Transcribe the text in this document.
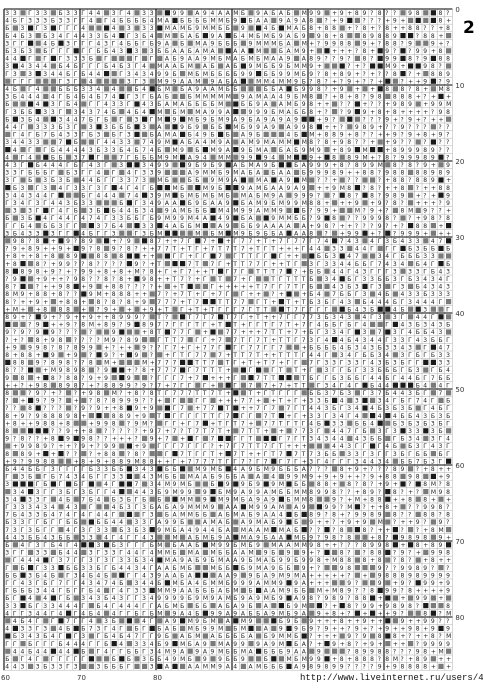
3 3 Г 3 3 Б 3 3 Г 4 4 3 Г 4 3 3	9 9 А 9 4 А А М Б 9 А Б А Б М 9 9 + 9 + 8 9 ? 8 ? ? 9 8	8 ?
4 Б Г 3 3 3 Б 3 3 Г Г 4 Г 4 Б Б Б Б 4 М А Б Б Б Б М М Б 9 Б А А 9 А 9 А 8 ? + 9	? ? ? + 9 +	8 +
Б 3 Г 3 Г Г Г 4	4 3 3 3 М А М Б 9 М М Б Б 9	4 Б М А Б 8 + 8 8 + ? 8 + ? 8 + + 8 8 ? ? + 8
Б 4 Б 3 Б 3 4 Г 4 4 3 3 Б 4 Г 3 Б 4 М Б А Б 9 А Б 4 М Б М Б 9 А Б 9 9 8 + 8	8 9 8 8 9	? 8 8 +
3 Г Г	4 Б 3 Г Г Г 4 3 Г 4 Б Б Г Б 9 А Б М А 9 Б Б Б 9 М М М Б А М + ? 9 9 8 8 9 + ? 8 8 ? 9	9 + ?
Б 3 Б 3 Б Г Г Г Г Г Б Б 4 3 3 3 Б Б А А Б А М А	А А М	Б А М 9 +	+ + + ? 8 + 9 ? ? 9 9 + 8
4 4 Г Г Г 3 3 3 Б Г	Г Г А Б 9 А А 9 М Б М А Б М Б М А А 9 А 8 9 ? ? 9 ? 8 ? 9 9 8 ? 9 8 8
3 4 3 4 4 Б 4 Б Г Г Г Б 4 Б 3 Г 4 М А А Б М А Б А Б 9 М Б Б 9 Б М М 9 +	? + ?	М 9 +	9 8 ?
Г 3 3 3 4 4 Б Г Б 4 4	Г 3 4 3 4 9 9 Б М Б М Б Б Б Б 9 9 Б Б 9 9 М Б 9 ? 8 + 8 9 + ? + ? ? 8 ? + 8 8 9
Г Г Г	Г 3 Г 4	3 Г 3 М 9 9 А А М 9 А Б А	М М 4 М М 9 Б ? 8 ? + ? 9 + ? ? +	? + + 9 ? 9
4 Б Г 4	Б Б Б 3 3 4 4	Б 4 Б М Б А 9 А А М Б Б	Б Б А Б 9 9 8 ? + 9 + + 8 8 ? 8 + М 8
3 Б 4 4 4 4 Г Б 4 Б 4 Б 7 4 Г 3 Г Б А Б	Б М М М М М 9 А М А А 4 9 Б М 8 ? + 8 + 8 ? 9 8 8 8 8 + ? + +
Б	4 3 Г Б 4 Г Г 4 3 3 Г 4 3 Б А М А Б Б Б Б М	Б Б 9 А А М Б 9 8 + + ? ? + ? ? + 9 8 9 + 9 9 М
Г 3 Б Б 3 3 Г 3 4 3 7 4 Б 4 Б 4 М Б М М А 9 9 А	9 9 9 Б М А Б Б 8 + ? ? 9 9 + 8 + 8 + + + + ? 9 8
Б 3 Б 4	3 4 4 7 Б Г Б Г 3 Г М 9 М Б 9 Б М 9 А 9 Б А 9 А 9 А 9	+ 9 ?	? ? ? 9 + ? 9 + ? + +
4 4 Г 3 3 3 Б 3 Г 3 3 Б Б Б 3 А	9 Б 9 Б Б М Б 9 9 А 9 А 9 9 8 + + ? 9 8 9 + ? ? 9 ? ? ? ? ?
Г 4 Г Б 7 Б 4 3 3 Г Б 3 Б Г 3	Б А М А Б 4 9 Б Б А 9 Б	4 Б М + 8 8 9 + 8 ? ? + + 9 ? 9 + 8 + 9 ?
3 4 4 3 3	7 Б	Г 4 4 3 3 7 4 9 М А Б А 4 М 9 А А М 9 М А М М М 8 ? 8 + 9 8 ? ? + + 9 ? ? ? ? ?
4 Г Г Б 4 4 4 4 3 Б 3 3 Б 4 Б 7 4 Б М 9 Б М 9 А 9 Б М А Б А Б 9 М 9 + 8 9 М	+ 8 9 9 9 8 9 ? ?
4 Г 4	Б Б 3 7 Г	7 Г Б Б Б М 9 М А 9 4 М М 9 9 9 4 М	9 + 8 8 9 М + ? 8 ? 9 9 9 8 9 ?
4 3 Г Б 4 4 4 Г Б Г 4 3 Г 3	3 4 9 9	9 Б 9 Б 9 А Б М А 9 Б	Б А 9 9 9 + 8 ? 8 9 9 М 8 ? 8 ? 9 + 9
3 3 Г Б Б Б Г Б 3 Г Г 4 Г 4 Г 3 3 9	А 9 М М Б 9 М А Б А Б А А Б 9 9 9 8 9 + + 8 8 ? 9 8 8 8 8 9 8 9
3 Г Б 3 Б 3 Б 4 4 Б Г Г 3 3 7 3 М Б	Б Б 9 М 9 А	М А А 9 М ? ? + ? ?	? + 8 8 ? 8 8 9 +
Б 3 Г 3 4 Г 3 3 Г 3 Г 4 Г 4 Г Б	М Б	М 9 Б	9 А М Б А А 9 А 9 + + 9 М 8 ? 8 ? + + 8 ? + + 8 8
3 4 4 3 4 4 Г	Б Г 4 4 4 7 4 3 9 М Б М Б М Б М Б М А Б М 9 А 9 9 9 ? ? 8 ? 8 ? 9 8 9 + ? + 9
Г 3 4 Г 3 Г 4 4 3 Б 3 3	Б Г 3 4 9 А А Б 9 Б А А 9 Б А М 9 Б М 9 9 М 8 8 + + + 9 + 9 ? 8 ? + + + ? 9
3 3 Г Г 4 Г Б 3 Б Б 4 4 Б 3 4 9 А М Б Б Б М 4 М 9 9 А М М 9	Б ? 9 9 +	М ? 9 + ? 8 М 9 ? ? +
Б 3 Б 4 Г 4 4 Г 4 7 4 Г 3 3 Б Б Г Б 9 М 9 9 М 4 А 4 9 Б А	9 М М Б Б ? 9 8 ? ? 9 9 9 8 ? ? + 9 8 ? 8
Г Г Б 4 Б Б 3 Г Г	3 7 Б 4	3 3 4 А Б Б М	А 9 Б Б 9 А А А А А + 9 8 ? + + ? ? ? 9 ? + ? 8 8 +
3 Б 4 3 3 3 Г Г 4 Б Г Г 3	Г 3 Б М	М Б М М 9 Б 9 Б Б А А А 8 ? + 9 9 + ? ? 9 9 9 + + +
9 8 ? 8 + 9 ? 8 9	+ ? 9	8 7 + + 7 Г 7 + + Г 7 7 + Т + 7 Г 7 7 Г 7 4 7 4 3 4 Г 3 Б 4 3 3 4 7
? 9 + 8 9 + + 9 + 9 ? 8 9 ? 8 ? + + 7 7 Т + Т Г + 7 Т 7 Т 7 + Т Г Т + + + Г 4 4 3 3 4 4 Г Г Г Б 3 Б Б Б
+ 8 + + 8 + 8 8 9	8 8 8	+ +	Г Г + Г Г 7 Г Т Т Г Г Г + +	Б Б 3 4 7	3 4 Г Б Б Б 3 3
+ 8	8 ? + 9 9 ? ? 8 ? ? ? ? 9 ? + Т	7 Т 7 Г + Т Т 7 7 Г + + Т Г 3 Г 3 3 4 4 Б Б Г 7 4 3 4 Б 4 Г Б
8 8 9 8 + 9 ? + ? 9 9 + 8 + 8 + М ? 8 + Г + Г 7 + + Т Г 7 Г Т Т Т 7 ? + Б Б 4 4 Г 4 3 Г Г Г 3 3 3 Г Б 4 3
? 9	+ 9 + + ? 9 8 ? ? 8 ? 8 + 9 8 + + Т 7 ? + Г Т 7 + Г	Т Г Т Т Т Б 3 4 Б Г 3 3 Б Б 3 Г Б 3 4 3 4 Г
8 ?	? + + 9 8 + 9 + 8 8 ? ? ? ? + + Т	Г + + + + + Т 7 Г Г 7 Т Г Б	4 3 Б 3 Г 3 Г 3 Б 4 3 4 3
8 М 9 + 8 8 + 8 ? ? 9 М + 8 8 8 + + 7 ? + 7 Т + Г + 7 Г Г + + ? +	+ Б 4 7 Б Б Г 3 4 Б 4 3 3 Б 3 3 3
8 ? + + 9 + + 8 8 + 8 ? 8 ? 8 + 9 7 7 7 + Т 7	Т Т 7 7 Г Т + Т + Т Б 3 Б Г 4 3 Б 4 4 4 Б Г 3 4 4 4 Г
+ М + + 8 8 8 + ? 9 + + + 9 + Т Г + Т + Т Г Г Г 7 Г Т Т	Т 7 Г Г Г Г	Б 4 3 Б	4 Б	3	Г
8 9 + ? 9 + ? 9 + + 9 + + 8 9 9 9 ? Т ?	Т 7 Т 7 Т 7 Г + Т + + 7 Г Г 7 7 3 Б 3 4 3 4 Г 3 3 Г 4 4 Г
? 9 + + 9 ? 8 М + 8 9 ? 9 8 9 7 7 Г Г Г Т Г + Т Т + Г Г Т Г 7 Т + 7 Г 4 Б Б Г Б Г 4	Г 4 3 Б 3 4 3 Б
9 ? 9 ? 9 9 ? ? ? ?	9	+ 8 Т 7 7 Г +	7 7 + + + 7 Т Т + 7 + Б Г 3 3 4 Г 3 7 3 Г 4 Б Б 4 3
? + ? 8 + 9 8 ? ? ? ? М 9 ? 8 9	Г Т Т 7 Г Г + 7 7 Т Г 7 Т + Т Т Г 7 3 Г 4 4 Б 4 3 4 4 Г 3 3 Г 4 3 Б Б Г
+ 9 9 9 8 ? 8 ? 8 9 9 + ? + + 9 ? ? Г 7 + Г + 7 7 Г Г Г 7 7 Г Г 7	+ Б Б Б Б 4 Б 3 4 3 Б 3 3 4 3 Г 4 7
8 + 8 8 + 9 + 9 ? 9 ? + 9 ? + Г Т Г 7 7 7 + Т Т 7 Т + + Т Т Т Г 4 4 Г 3 4 Г Б Б 3 4 3 Г Б Г Б 3 3
8 8 9 ? 8 9 8 ? ? 8 М +	М + 7 7 7	Т Т 7 Т Г + Т + Т 7 + Г Г 7 Г 3 3 Г 3 3 Г 4 3 Б 3 Б Г Г	3 3
8 ? ?	+ М 9 8 9 8 ? 9	+ ? 8 + 7 7 7 Г 7 Т Т Т +	Г	Г Т Т + Г 3 Г Г Б Г 3 3 Б Б Б Г Б 3 Г Б 4
9 8 + 8 ? 8 8 ? 9 + 9	9	? Г Г Г 7 + 7 + + + Г	7 Т Т	Т Б Г Г Б 3 Б Б Г 4 4 Б Г 4 4 Б Г 7 Б Б
+ + ? + 9 8 8 9 8 ? + ? 8 8 9 9 ? 9 ? 7 + 7 Г Г Г +	Г 7 7 + 7 + Т Т Г 3 4 Г 4 Г Б 4 4	Б 4 4 Г
8	? 9 ? + ? ? + 9 8 М ? + 8 ? 8 Т Г 7 7 7 Т Т 7 Т +	Т + Г Т Г Г Г Б Б 3 7 Б 3 Г 3 7 Б 4 4 3 Б Г 7
? + 9 ? 9 ? + ? 8 ? 8 9 9 9 ? ? + Г	Г Г + + + 7 7 + + Т + Г + 3 3 Б 4 3	3 4 Г Б Г 7 4 Г Б
? ? 8 ? ? ? ? 9 ? 9 + + 8 9 + 9	Г 7 + 7 7 Т + + 7 Г 7 7 Г Т 4 4 3 Б Г 3 4 4 Б 3 Б 3 Б Г 4 Б Г
8 + 9 ? 9 8 8 8 9 8 +	8 8 9 + 9 Т Г Г Г Г Т Т Г 7 Г Г 7 Т + Г + 3 3 Г 3 4 Г 4	4 4 Б Б 4 3 Б 3 Б
+ 8 + + 9 8 8 + 8	+ 9 9 8 ? 9 М ? Г Г + Г 7 + Т Г Т 7 + 7 7 Т Г Т Г 4 Б 3 3 Б Б 4	Б 3 Б 3 Б 3 Б Г
8	? ? 9 + + 8 ? ? ? ? ? + 9 7 + 7 ? Т 7 Т 7 Т + 7 Т Т + + ? 7 3 Г 4 4 7 Г Б 3 Г 3 3 3 3 Б
9 ? 8 ? ? + 8 9 9 8 ? ? + + + ? 9 + 7 + Г 7	Г Г Т	Г 7 Г Т 3 4 3 4 4 4 3 Б Б Г Б 3 4 3 Г 4
+ 9 9 8 9 ? + + ? 9 + ? 9 9	+ 9 Г Г Г 7 Г Г Г ? + 7 Г 7 Т Т 7 Г Т + + +	4 4 3 Г Г Г 4 Б Б 3 Г 4 3 Г
8 8 9 + + ? ? ? + 8 8 ? 8 ?	Г 7 Т Г Г Т + 7 Т + + Г Т 7 7 Т 7 3 Б Б 3 3 Г 3 Г Г 3 Б Г Б Б Б Г
+ 9 ? 9 9 8 8	+ 8 + 9 + 8 8 9 М 8 8 + + Г + 7 7 7 7 Т Г Г 7 ? Г 7 Г 7 Г + 3 Г 4 Г Г Г 3 4 4 3 4 Б Б 7 Б 3 Г
Б 4 4 Б Б Г 3 Г Г Г Г Б 3 3 Б Б 3 4 3 Б Б	М 9 М Б 4 А 9 Б М 9 Б Б Б А ? ? ? 8 + 9 + ? ? ? 8 9 ? + 8 + +
Г 3 Б Г Б 7 4 3 4 Б Г Г 3 3	4 3 М Б Б М А А Б 9 Б Б А А 4 9 9 М 9 + 9 + 9 + + ? 9 + 8 8 9 8	+ 9
3	Г Б Г Б Г	4 Г	7 3 4 М 9 М Б	Б 9 9 Б 9 9 М Б Б 8 8 + 8 ? 8 ? + 9 + ? 8 М ? 8
3 4 3 Г Г 3 Б Г 3 Б Г Г 4	4 4 3 Б 9 М 9 9 9 Б М 9 А 9 9 А М Б Б М М 8 9 9 8 ? ? + 8 9 ? 8 ? + ? М 9 8
3 4 3 3 Г 4 Б 7 Б 4 Б 3 Б Г Б Б	М М 9 М 9 М Б А 9 А 9 Б М М 8	9 ? + М + 8 8 + + 8 8 + +
Г 3 3 3 4 3 4 4 3 Г	4 Б 3 Г 3 Б А Б А 9 М М М 9 А А М 9 9 А М А 9	9 9 ? М ? + + 8 + ? ? 9 9 8 ?
7 Б 4 3 3 Б 4 7 4 Г 4 Г 4 4 Г	Г 3 Б А М М Б Б А Б М А Б 9 А А 4 Б 8 9 ? 8 + ? 9 9 8 9 8 ? ? 8 8 ? 8
Б 3 3 Г Г Б Г Г Б Б	Б Б 4 4 3 3 Г А 9 9 Б	А М А Б А 9 М А Б 9 Б 9 + + ? + 9 + 9 М ? + + 9 ? 9 ?
7 3 Г 3 Б Г Г 4 Г 3 Г 3 3 Б 3 Б 3 9 М Б А 4 9 4 4 Б А М А А М М А Б ? ? ? 8	8 ? + + ? ? + 8 М
4 4 3 Б Б 4 3 Б Б 3 3 4 Г 4 Г Г 4 3	М А Б М Б 9 А М А 9 Б А А М Б 9 ? 9 8 ? 8	+ 8 ? 9 8 9 8 9 +
Б 4 Г 3 Г Б 4 Г 4	3 Б 3 Г Г Г Б М Б А А Б М 9 9 Б М Б 9 М А А М М 9 8 + + ? ? ? 8 9 9 8 + 8 + 8 9
3 Г Г 3 3 Б 4 4 3 Г 3 3 Г 4 4 Г 4 М М Б М А М Б Б А А М 9 Б 9 9 + ?	8 ? ? 8 8 ? 9 ? + 9 9 8
Г 4 4 4 Г 3 7 Г Г 3 Г 3 Г 3 3 Б 3 4 М А 9 А Б 9 Б М А А 9 Б М А Б 9 9 Б 9 9 8 + М 8 8 8 + 8 ? 8 ? + 8 + +
Г Б Г 3 3 Б Б 3 3 Б Г Б 4 4 3 4 Г А А Б М Б	М Б Б Б 9 М А 9 Б Б 9 + ?	9 8	9 ? ? 9 9 8 9 ? ?
Б Б 3 Б 4 Б Г 3 4 Б 4 Б	Г Г 4 3 9 А А Б А	А А 9 9 Б А 9 М 9 М А + + + + + ? + 9 8 8 8 9 8 9 9 9 9
Г Г 4 3 Г Б Г 7 Г Г 4 3 4 7 4 Б 3 4 4 Б М Б А 4 Б М М Б 9 9 9 А М М 9 9 А + + +	9 ?	9 + 9 ? 9 9 + 9
Г Б Б Б 3 4 4 Г Б Г Г Б 4 Г 4 Г 3 3 М М 9 А А Б Б Б А Б М Б А А М 9 Б Б М + М 8 9 ? ? 8 9 9 ? 8 + + + + 9
Б Г 4 4 Г Б 3 4 3 Б 4 3 Г Г 3 4 9 9 9 9 Б 9 М 9 А М Б 9 А 9 М Б 9 А 9 8 ? 9 8 9 ? 8 8 +	+ 9 9 +
3 3 Б Г 3 3 4 4 4 Г Б 4 Г 4 4 4 Г Г А Б М Б Б Б А Б А 9 Б А	Б 9 М	? + 8 ? 9 9 + 9 8 9 8 ?	8
4 Г Г 3 4 4 Г 4 Г 4 Б 4 4 Г Г Б Г Б М 9 А 4 Б 9 9 А 9 А Б Б А 9 М Б 9 А 9 + 8 + ? + + + 9 ?	8 ? М
4 Б 4 Г Г 7 Г Г 4 3 Б	4 Г А 9 М 9 Б М А М 9	Б 9 Б 9 + + + 8 + + 9 + +	9 + + 9 9 ? ?
4 3 3 Г 3 4 Б Б 7 3 Г 4 Г Б Г Б А Б М Б 9 9 М Б М	А 9 9 Б 9 ? 9 + + ? 9 + ? + 9 + + 9 8 + 9 9
Б 3 4 3 Б 4 Г Г 3 Г Б 4 Б 4 7 Г Г 9 Б А Б М А Б Б Б Б А Б 9 М М Б ? + + + 9 ? 9 8 8 + ? + + 8 ? М
Г Г Б Г Г Г Б 4 4 4 Г Г Б 4 3 3 4 Б 9 М Б А 9 М А 9 9 9 А 9 М Б А ? + 9 + 8 ? + 9 + + + ? 9 9 9 9
4 4 Б 4 4 4 4 Б Г 4 Г Г Б Б Г 3 4 М 9 А 9 А 9 М Б Б М А Б Б Б 9 А А 9	? 8 9 9 8 8 ? ? ? 9 8 + М
Б Г 4 Г Г Г Г Г Г	Б Б 3 Б Б 4 9 М Б 9 9 Б Б 9	Б	М Б М 9 9 + 8 + 8 8 8 ? 8 М ? + 8 9 + +
4 4 3 3 Б 3 3 Г 3	3 Б Б Б Г	3 А	А А М М 9 А 4 А М Б Б Б А 9 8 9 8 9 9 ? ? ? ? 9 + 9 8 8 8 8 + +
0
10
20
30
40
50
60
70
80
60	70	80
2
http://www.liveinternet.ru/users/4
